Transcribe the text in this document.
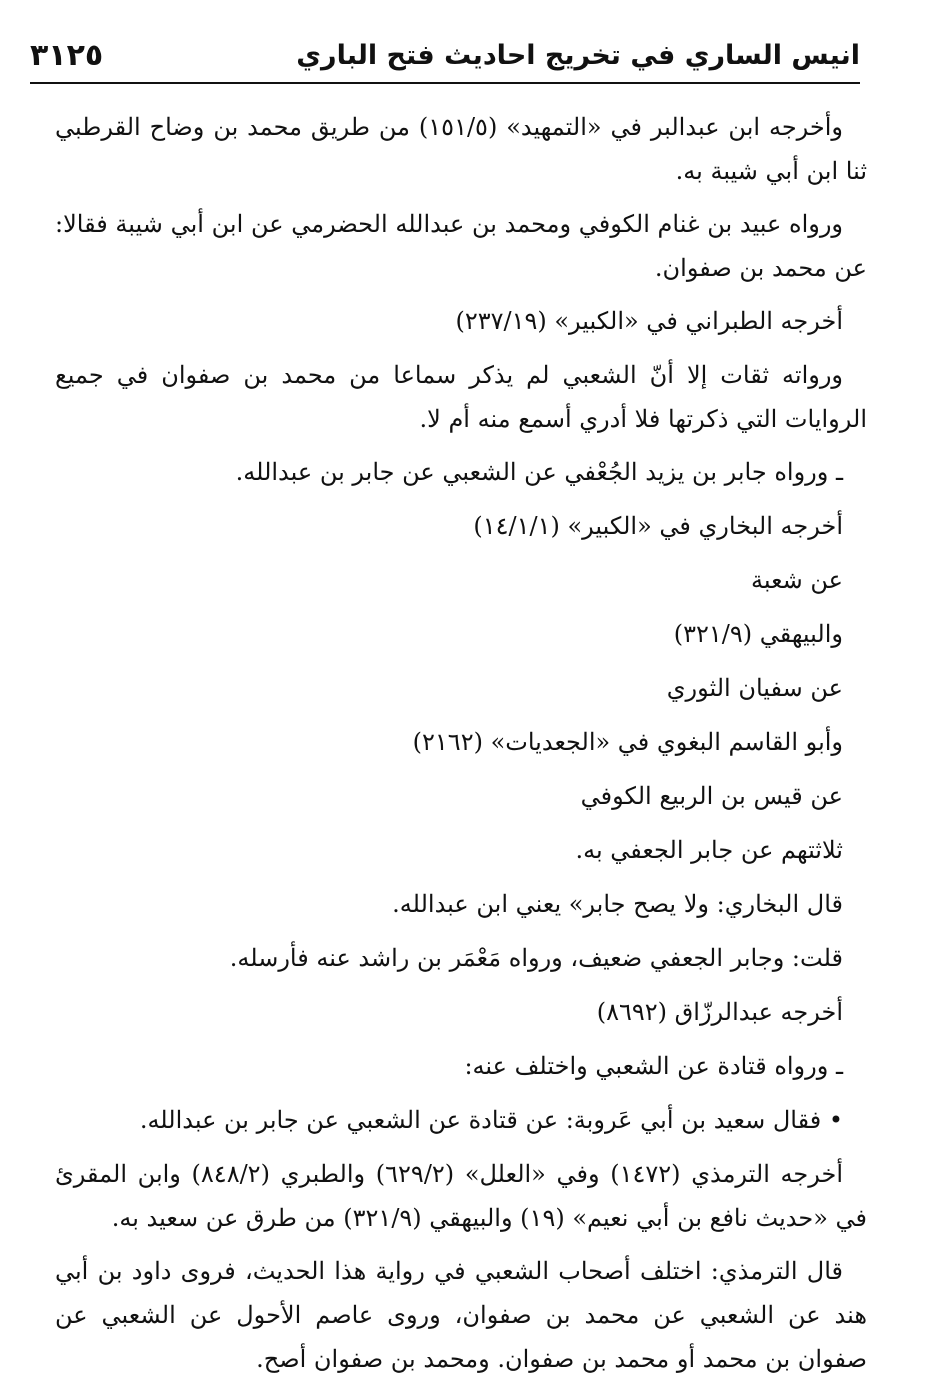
٣١٢٥	انيس الساري في تخريج احاديث فتح الباري

وأخرجه ابن عبدالبر في «التمهيد» (١٥١/٥) من طريق محمد بن وضاح القرطبي ثنا ابن أبي شيبة به.

ورواه عبيد بن غنام الكوفي ومحمد بن عبدالله الحضرمي عن ابن أبي شيبة فقالا: عن محمد بن صفوان.

أخرجه الطبراني في «الكبير» (٢٣٧/١٩)

ورواته ثقات إلا أنّ الشعبي لم يذكر سماعا من محمد بن صفوان في جميع الروايات التي ذكرتها فلا أدري أسمع منه أم لا.

ـ ورواه جابر بن يزيد الجُعْفي عن الشعبي عن جابر بن عبدالله.

أخرجه البخاري في «الكبير» (١٤/١/١)

عن شعبة

والبيهقي (٣٢١/٩)

عن سفيان الثوري

وأبو القاسم البغوي في «الجعديات» (٢١٦٢)

عن قيس بن الربيع الكوفي

ثلاثتهم عن جابر الجعفي به.

قال البخاري: ولا يصح جابر» يعني ابن عبدالله.

قلت: وجابر الجعفي ضعيف، ورواه مَعْمَر بن راشد عنه فأرسله.

أخرجه عبدالرزّاق (٨٦٩٢)

ـ ورواه قتادة عن الشعبي واختلف عنه:

• فقال سعيد بن أبي عَروبة: عن قتادة عن الشعبي عن جابر بن عبدالله.

أخرجه الترمذي (١٤٧٢) وفي «العلل» (٦٢٩/٢) والطبري (٨٤٨/٢) وابن المقرئ في «حديث نافع بن أبي نعيم» (١٩) والبيهقي (٣٢١/٩) من طرق عن سعيد به.

قال الترمذي: اختلف أصحاب الشعبي في رواية هذا الحديث، فروى داود بن أبي هند عن الشعبي عن محمد بن صفوان، وروى عاصم الأحول عن الشعبي عن صفوان بن محمد أو محمد بن صفوان. ومحمد بن صفوان أصح.
